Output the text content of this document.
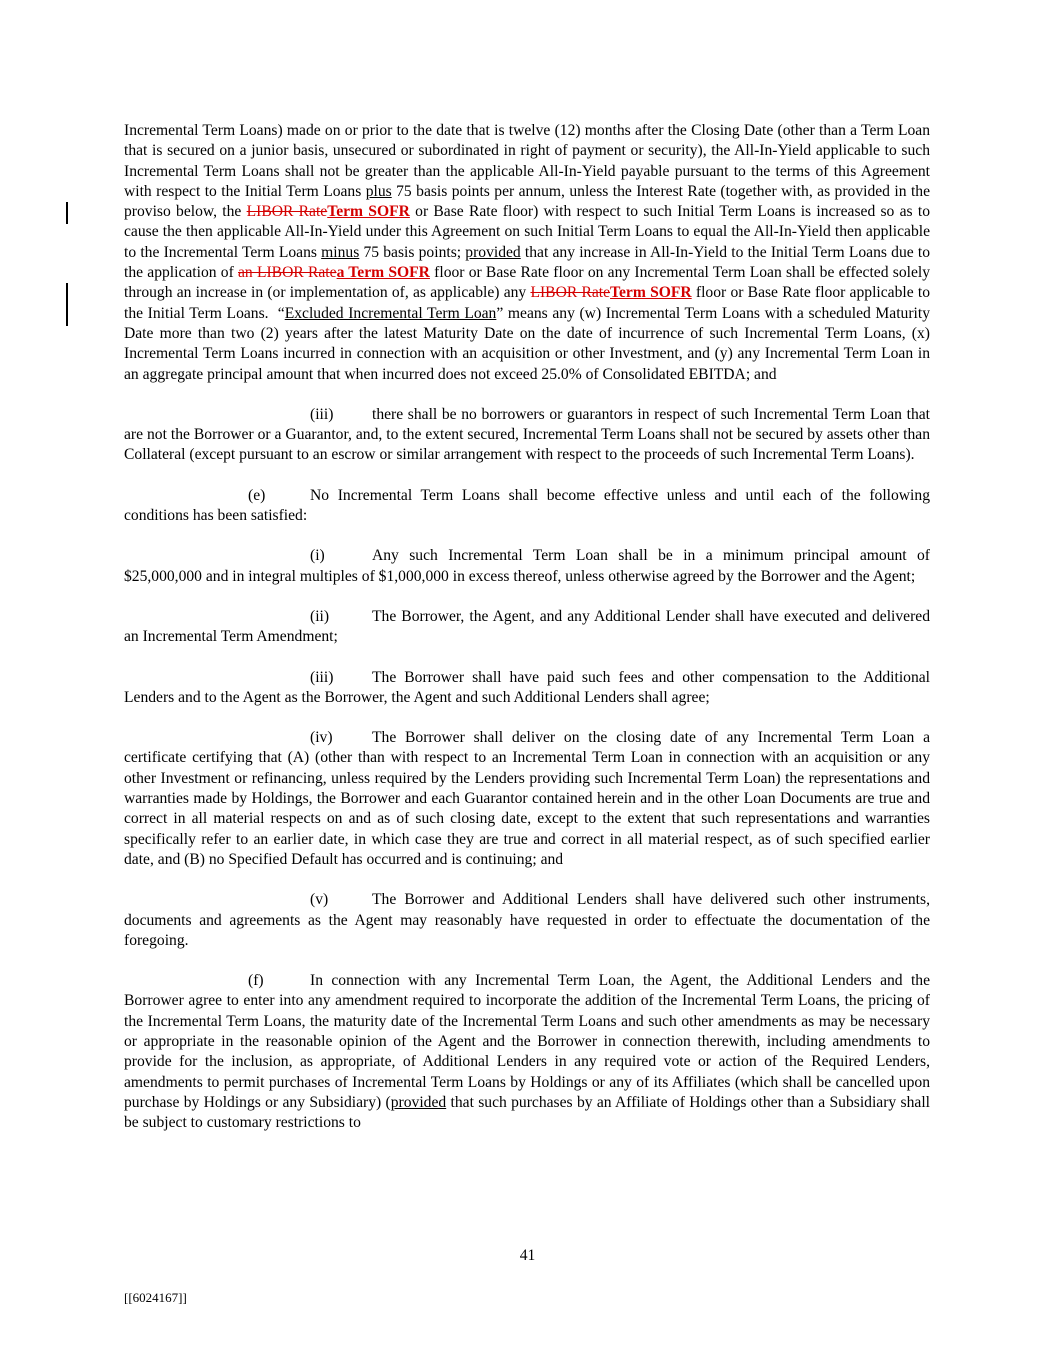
Incremental Term Loans) made on or prior to the date that is twelve (12) months after the Closing Date (other than a Term Loan that is secured on a junior basis, unsecured or subordinated in right of payment or security), the All-In-Yield applicable to such Incremental Term Loans shall not be greater than the applicable All-In-Yield payable pursuant to the terms of this Agreement with respect to the Initial Term Loans plus 75 basis points per annum, unless the Interest Rate (together with, as provided in the proviso below, the LIBOR RateTerm SOFR or Base Rate floor) with respect to such Initial Term Loans is increased so as to cause the then applicable All-In-Yield under this Agreement on such Initial Term Loans to equal the All-In-Yield then applicable to the Incremental Term Loans minus 75 basis points; provided that any increase in All-In-Yield to the Initial Term Loans due to the application of an LIBOR Ratea Term SOFR floor or Base Rate floor on any Incremental Term Loan shall be effected solely through an increase in (or implementation of, as applicable) any LIBOR RateTerm SOFR floor or Base Rate floor applicable to the Initial Term Loans.  “Excluded Incremental Term Loan” means any (w) Incremental Term Loans with a scheduled Maturity Date more than two (2) years after the latest Maturity Date on the date of incurrence of such Incremental Term Loans, (x) Incremental Term Loans incurred in connection with an acquisition or other Investment, and (y) any Incremental Term Loan in an aggregate principal amount that when incurred does not exceed 25.0% of Consolidated EBITDA; and
(iii) there shall be no borrowers or guarantors in respect of such Incremental Term Loan that are not the Borrower or a Guarantor, and, to the extent secured, Incremental Term Loans shall not be secured by assets other than Collateral (except pursuant to an escrow or similar arrangement with respect to the proceeds of such Incremental Term Loans).
(e)	No Incremental Term Loans shall become effective unless and until each of the following conditions has been satisfied:
(i)	Any such Incremental Term Loan shall be in a minimum principal amount of $25,000,000 and in integral multiples of $1,000,000 in excess thereof, unless otherwise agreed by the Borrower and the Agent;
(ii)	The Borrower, the Agent, and any Additional Lender shall have executed and delivered an Incremental Term Amendment;
(iii) The Borrower shall have paid such fees and other compensation to the Additional Lenders and to the Agent as the Borrower, the Agent and such Additional Lenders shall agree;
(iv)	The Borrower shall deliver on the closing date of any Incremental Term Loan a certificate certifying that (A) (other than with respect to an Incremental Term Loan in connection with an acquisition or any other Investment or refinancing, unless required by the Lenders providing such Incremental Term Loan) the representations and warranties made by Holdings, the Borrower and each Guarantor contained herein and in the other Loan Documents are true and correct in all material respects on and as of such closing date, except to the extent that such representations and warranties specifically refer to an earlier date, in which case they are true and correct in all material respect, as of such specified earlier date, and (B) no Specified Default has occurred and is continuing; and
(v)	The Borrower and Additional Lenders shall have delivered such other instruments, documents and agreements as the Agent may reasonably have requested in order to effectuate the documentation of the foregoing.
(f)	In connection with any Incremental Term Loan, the Agent, the Additional Lenders and the Borrower agree to enter into any amendment required to incorporate the addition of the Incremental Term Loans, the pricing of the Incremental Term Loans, the maturity date of the Incremental Term Loans and such other amendments as may be necessary or appropriate in the reasonable opinion of the Agent and the Borrower in connection therewith, including amendments to provide for the inclusion, as appropriate, of Additional Lenders in any required vote or action of the Required Lenders, amendments to permit purchases of Incremental Term Loans by Holdings or any of its Affiliates (which shall be cancelled upon purchase by Holdings or any Subsidiary) (provided that such purchases by an Affiliate of Holdings other than a Subsidiary shall be subject to customary restrictions to
41
[[6024167]]
